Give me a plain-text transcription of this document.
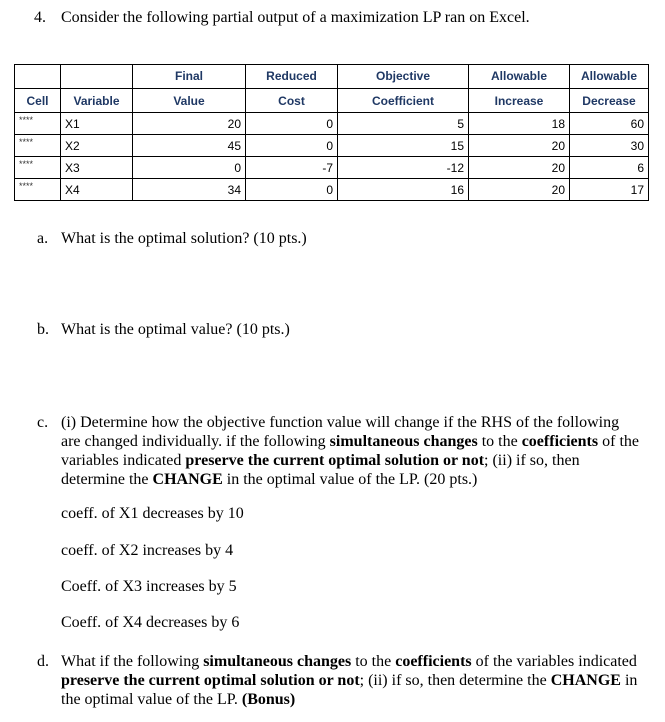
4. Consider the following partial output of a maximization LP ran on Excel.
		Final	Reduced	Objective	Allowable	Allowable
Cell	Variable	Value	Cost	Coefficient	Increase	Decrease
****	X1	20	0	5	18	60
****	X2	45	0	15	20	30
****	X3	0	-7	-12	20	6
****	X4	34	0	16	20	17
a. What is the optimal solution? (10 pts.)
b. What is the optimal value? (10 pts.)
c. (i) Determine how the objective function value will change if the RHS of the following are changed individually. if the following simultaneous changes to the coefficients of the variables indicated preserve the current optimal solution or not; (ii) if so, then determine the CHANGE in the optimal value of the LP. (20 pts.)
coeff. of X1 decreases by 10
coeff. of X2 increases by 4
Coeff. of X3 increases by 5
Coeff. of X4 decreases by 6
d. What if the following simultaneous changes to the coefficients of the variables indicated preserve the current optimal solution or not; (ii) if so, then determine the CHANGE in the optimal value of the LP. (Bonus)
